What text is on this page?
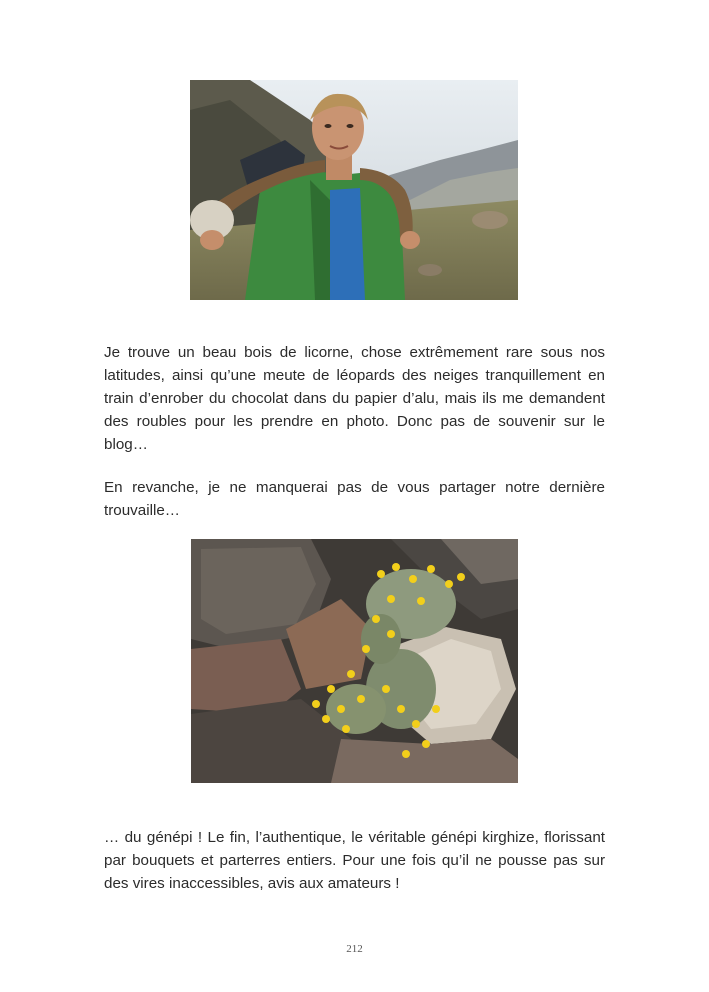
Je trouve un beau bois de licorne, chose extrêmement rare sous nos latitudes, ainsi qu’une meute de léopards des neiges tranquillement en train d’enrober du chocolat dans du papier d’alu, mais ils me demandent des roubles pour les prendre en photo. Donc pas de souvenir sur le blog…

En revanche, je ne manquerai pas de vous partager notre dernière trouvaille…

… du génépi ! Le fin, l’authentique, le véritable génépi kirghize, florissant par bouquets et parterres entiers. Pour une fois qu’il ne pousse pas sur des vires inaccessibles, avis aux amateurs !

212
